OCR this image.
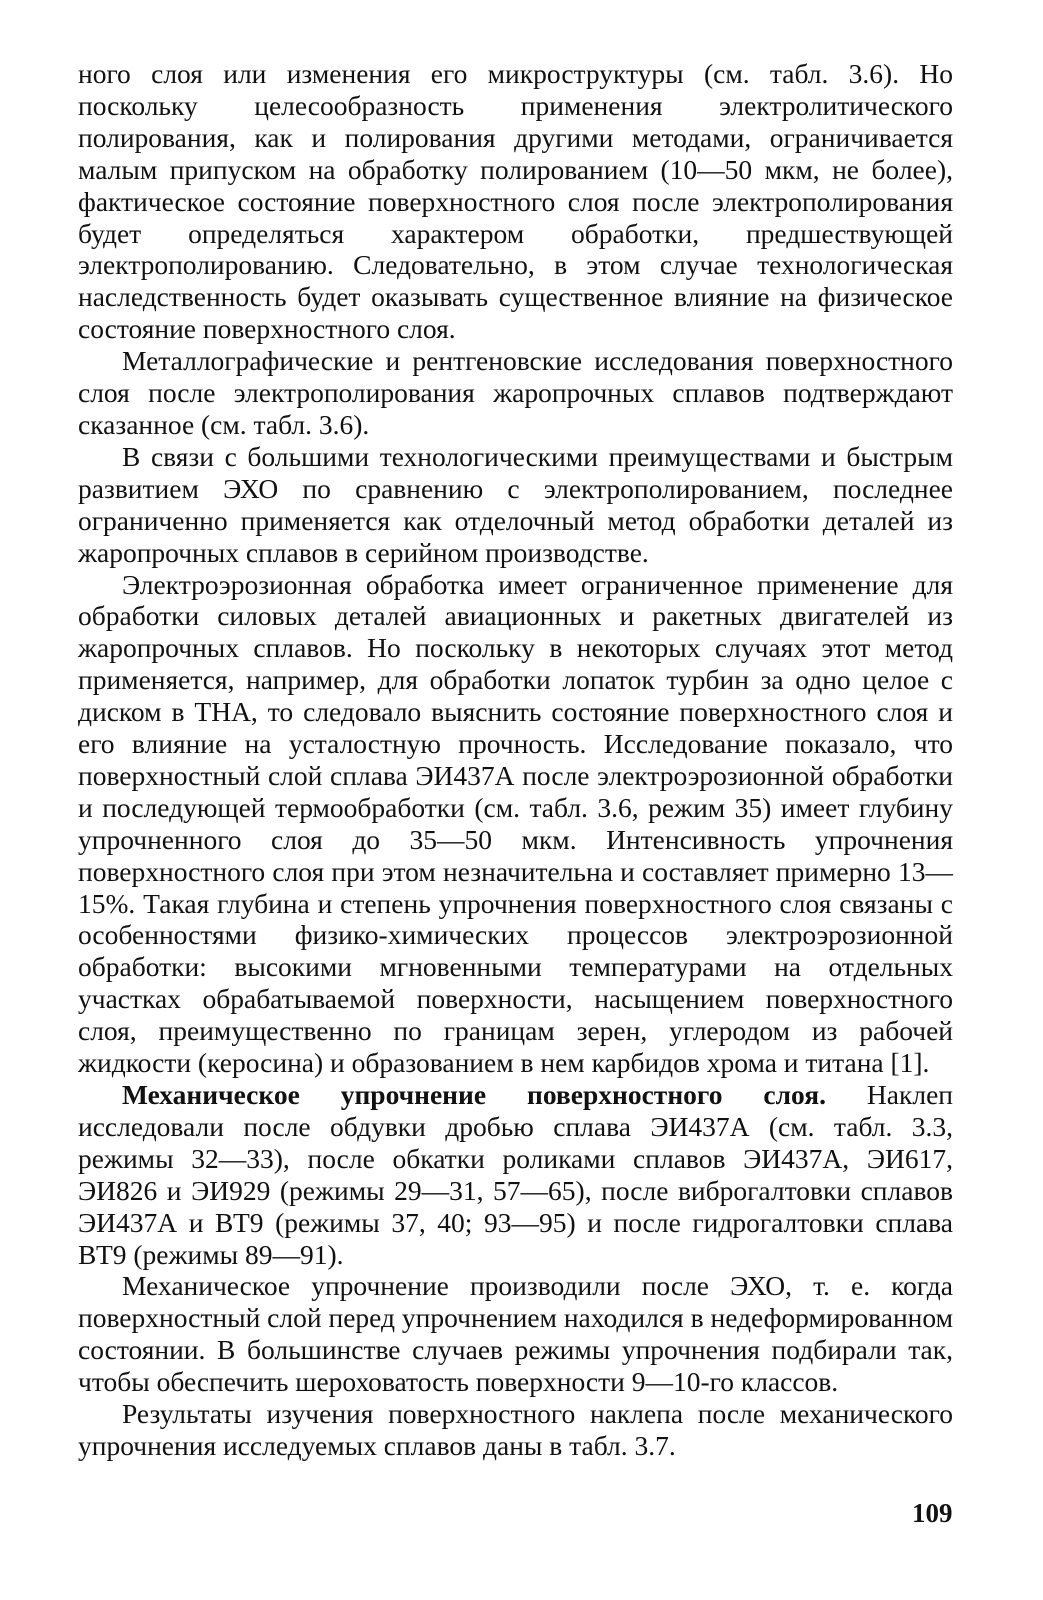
ного слоя или изменения его микроструктуры (см. табл. 3.6). Но поскольку целесообразность применения электролитического полирования, как и полирования другими методами, ограничивается малым припуском на обработку полированием (10—50 мкм, не более), фактическое состояние поверхностного слоя после электрополирования будет определяться характером обработки, предшествующей электрополированию. Следовательно, в этом случае технологическая наследственность будет оказывать существенное влияние на физическое состояние поверхностного слоя.

Металлографические и рентгеновские исследования поверхностного слоя после электрополирования жаропрочных сплавов подтверждают сказанное (см. табл. 3.6).

В связи с большими технологическими преимуществами и быстрым развитием ЭХО по сравнению с электрополированием, последнее ограниченно применяется как отделочный метод обработки деталей из жаропрочных сплавов в серийном производстве.

Электроэрозионная обработка имеет ограниченное применение для обработки силовых деталей авиационных и ракетных двигателей из жаропрочных сплавов. Но поскольку в некоторых случаях этот метод применяется, например, для обработки лопаток турбин за одно целое с диском в ТНА, то следовало выяснить состояние поверхностного слоя и его влияние на усталостную прочность. Исследование показало, что поверхностный слой сплава ЭИ437А после электроэрозионной обработки и последующей термообработки (см. табл. 3.6, режим 35) имеет глубину упрочненного слоя до 35—50 мкм. Интенсивность упрочнения поверхностного слоя при этом незначительна и составляет примерно 13—15%. Такая глубина и степень упрочнения поверхностного слоя связаны с особенностями физико-химических процессов электроэрозионной обработки: высокими мгновенными температурами на отдельных участках обрабатываемой поверхности, насыщением поверхностного слоя, преимущественно по границам зерен, углеродом из рабочей жидкости (керосина) и образованием в нем карбидов хрома и титана [1].

Механическое упрочнение поверхностного слоя. Наклеп исследовали после обдувки дробью сплава ЭИ437А (см. табл. 3.3, режимы 32—33), после обкатки роликами сплавов ЭИ437А, ЭИ617, ЭИ826 и ЭИ929 (режимы 29—31, 57—65), после виброгалтовки сплавов ЭИ437А и ВТ9 (режимы 37, 40; 93—95) и после гидрогалтовки сплава ВТ9 (режимы 89—91).

Механическое упрочнение производили после ЭХО, т. е. когда поверхностный слой перед упрочнением находился в недеформированном состоянии. В большинстве случаев режимы упрочнения подбирали так, чтобы обеспечить шероховатость поверхности 9—10-го классов.

Результаты изучения поверхностного наклепа после механического упрочнения исследуемых сплавов даны в табл. 3.7.

109
